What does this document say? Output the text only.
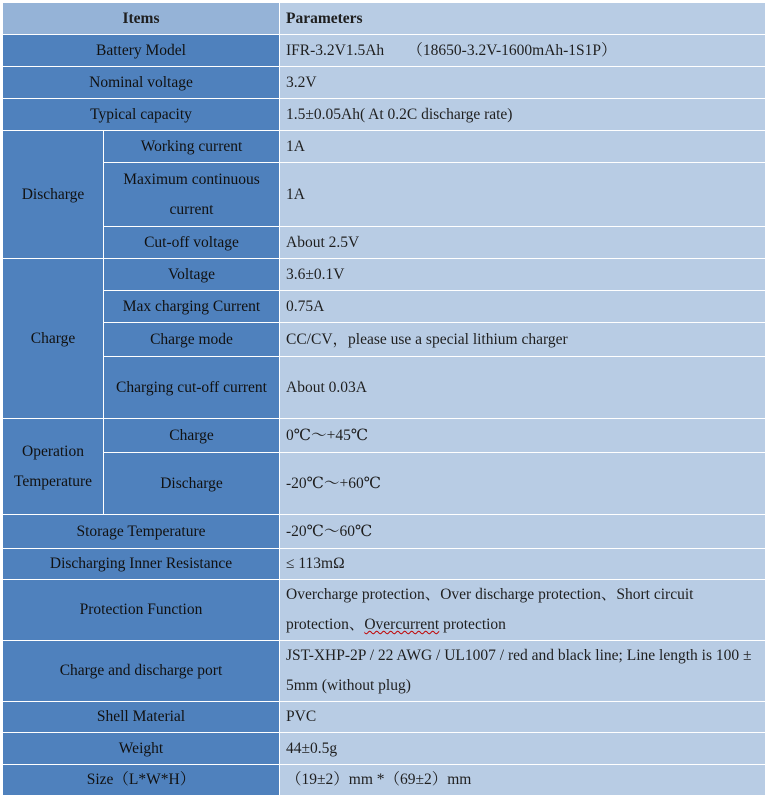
Items		Parameters
Battery Model		IFR-3.2V1.5Ah　　（18650-3.2V-1600mAh-1S1P）
Nominal voltage		3.2V
Typical capacity		1.5±0.05Ah( At 0.2C discharge rate)
Discharge	Working current	1A
	Maximum continuous current	1A
	Cut-off voltage	About 2.5V
Charge	Voltage	3.6±0.1V
	Max charging Current	0.75A
	Charge mode	CC/CV，please use a special lithium charger
	Charging cut-off current	About 0.03A
Operation Temperature	Charge	0℃～+45℃
	Discharge	-20℃～+60℃
Storage Temperature		-20℃～60℃
Discharging Inner Resistance		≤ 113mΩ
Protection Function		Overcharge protection、Over discharge protection、Short circuit protection、Overcurrent protection
Charge and discharge port		JST-XHP-2P / 22 AWG / UL1007 / red and black line; Line length is 100 ± 5mm (without plug)
Shell Material		PVC
Weight		44±0.5g
Size（L*W*H）		（19±2）mm *（69±2）mm
